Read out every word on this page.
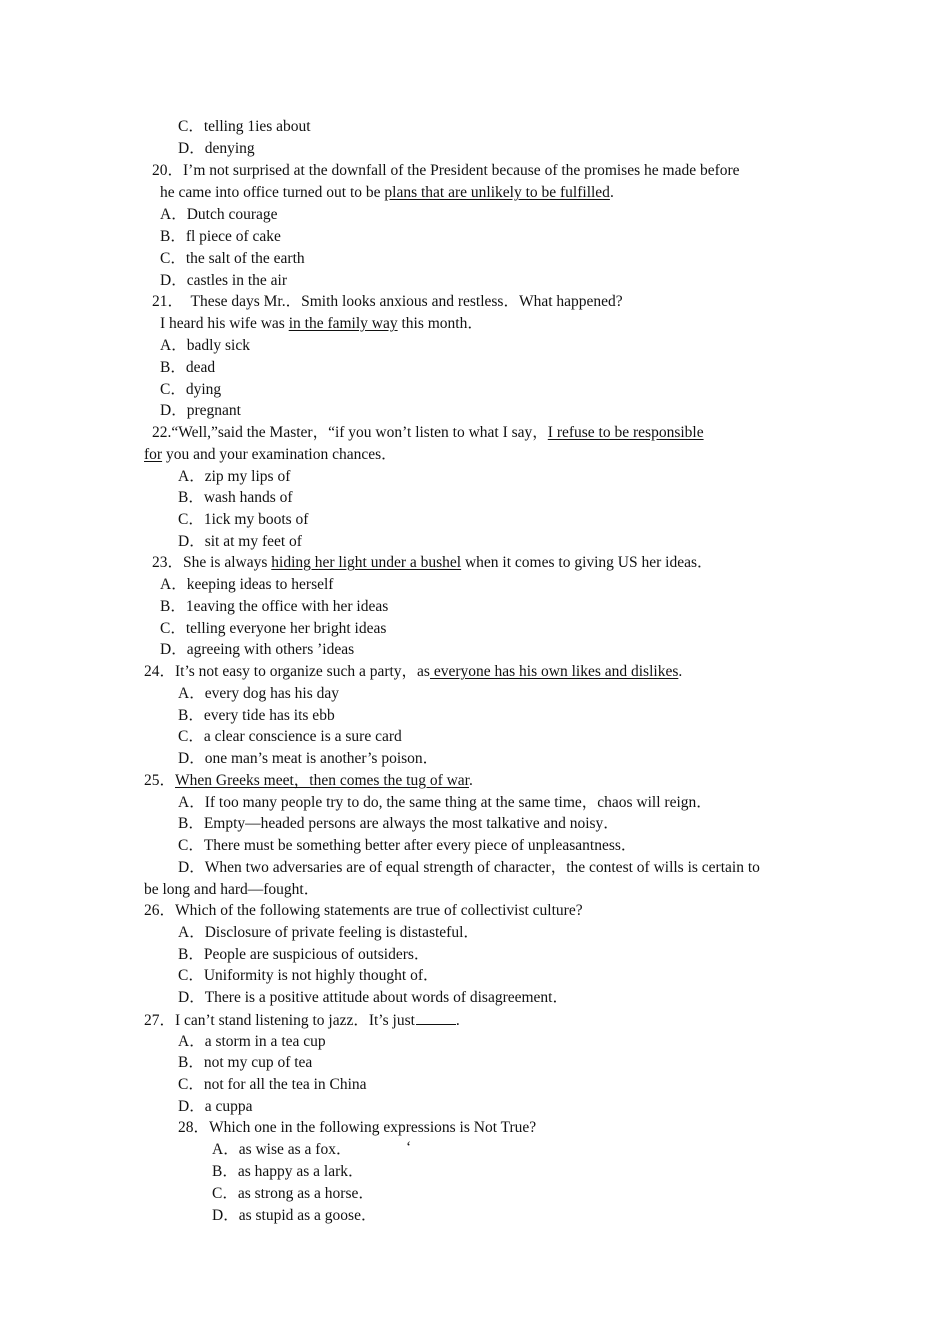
C．telling 1ies about
D．denying
20．I’m not surprised at the downfall of the President because of the promises he made before
he came into office turned out to be plans that are unlikely to be fulfilled.
A．Dutch courage
B．fl piece of cake
C．the salt of the earth
D．castles in the air
21．  These days Mr.．Smith looks anxious and restless．What happened?
I heard his wife was in the family way this month．
A．badly sick
B．dead
C．dying
D．pregnant
22.“Well,”said the Master，“if you won’t listen to what I say，I refuse to be responsible
for you and your examination chances．
A．zip my lips of
B．wash hands of
C．1ick my boots of
D．sit at my feet of
23．She is always hiding her light under a bushel when it comes to giving US her ideas．
A．keeping ideas to herself
B．1eaving the office with her ideas
C．telling everyone her bright ideas
D．agreeing with others ’ideas
24．It’s not easy to organize such a party，as everyone has his own likes and dislikes.
A．every dog has his day
B．every tide has its ebb
C．a clear conscience is a sure card
D．one man’s meat is another’s poison．
25．When Greeks meet，then comes the tug of war.
A．If too many people try to do, the same thing at the same time，chaos will reign．
B．Empty—headed persons are always the most talkative and noisy．
C．There must be something better after every piece of unpleasantness．
D．When two adversaries are of equal strength of character，the contest of wills is certain to
be long and hard—fought．
26．Which of the following statements are true of collectivist culture?
A．Disclosure of private feeling is distasteful．
B．People are suspicious of outsiders．
C．Uniformity is not highly thought of．
D．There is a positive attitude about words of disagreement．
27．I can’t stand listening to jazz．It’s just	.
A．a storm in a tea cup
B．not my cup of tea
C．not for all the tea in China
D．a cuppa
28．Which one in the following expressions is Not True?
A．as wise as a fox．	‘
B．as happy as a lark．
C．as strong as a horse．
D．as stupid as a goose．
